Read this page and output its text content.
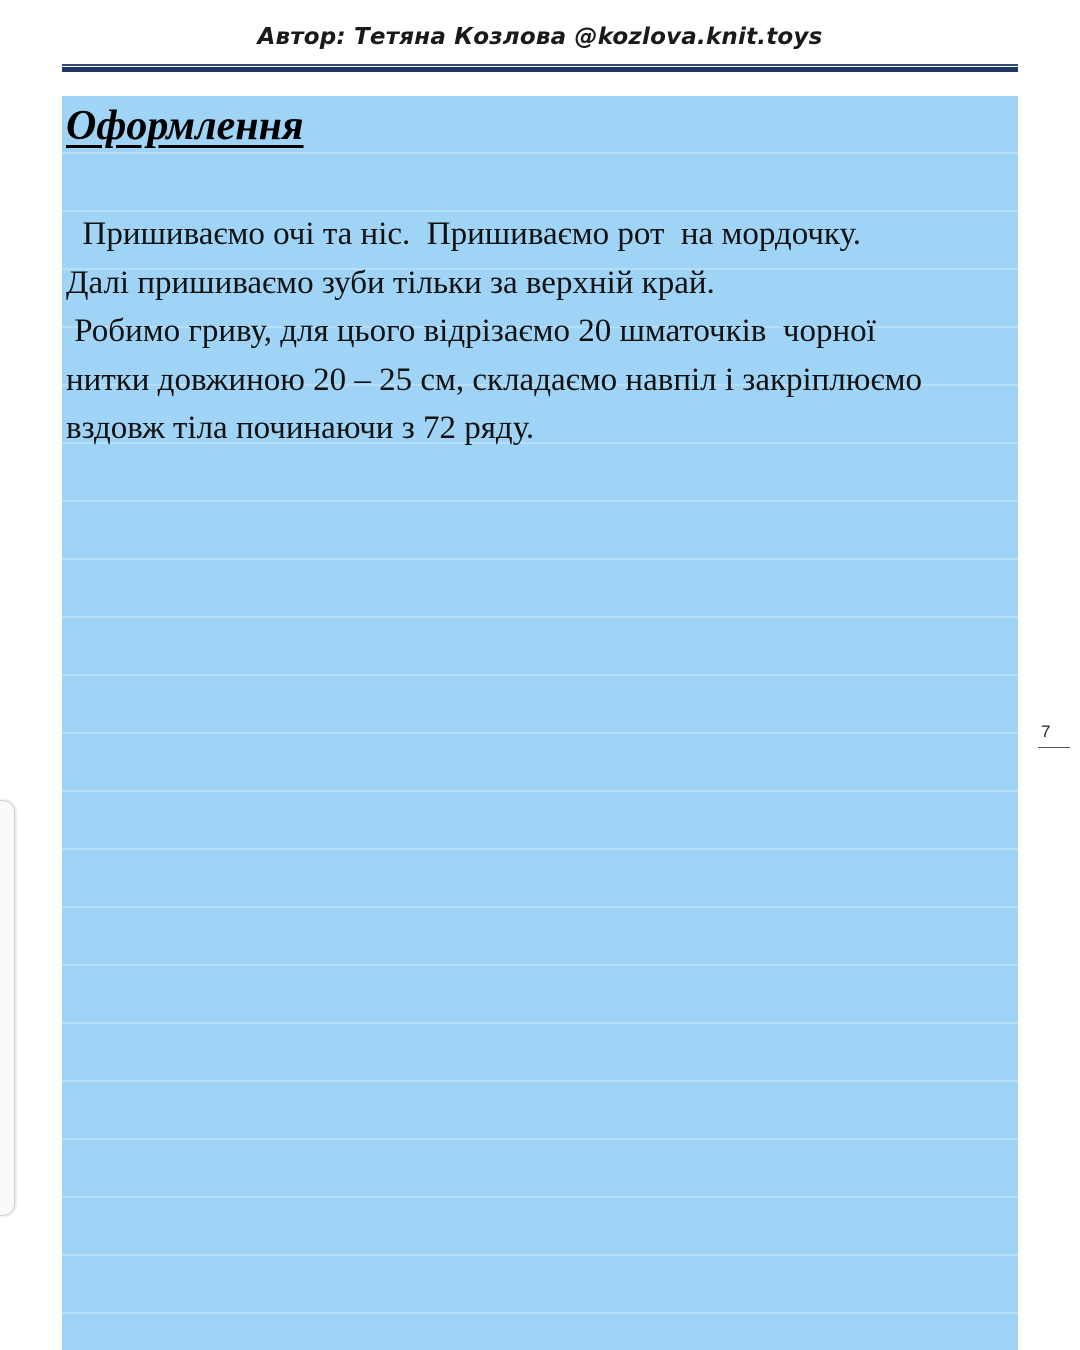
Автор: Тетяна Козлова @kozlova.knit.toys
Оформлення

Пришиваємо очі та ніс.  Пришиваємо рот  на мордочку.
Далі пришиваємо зуби тільки за верхній край.
Робимо гриву, для цього відрізаємо 20 шматочків  чорної
нитки довжиною 20 – 25 см, складаємо навпіл і закріплюємо
вздовж тіла починаючи з 72 ряду.

7
